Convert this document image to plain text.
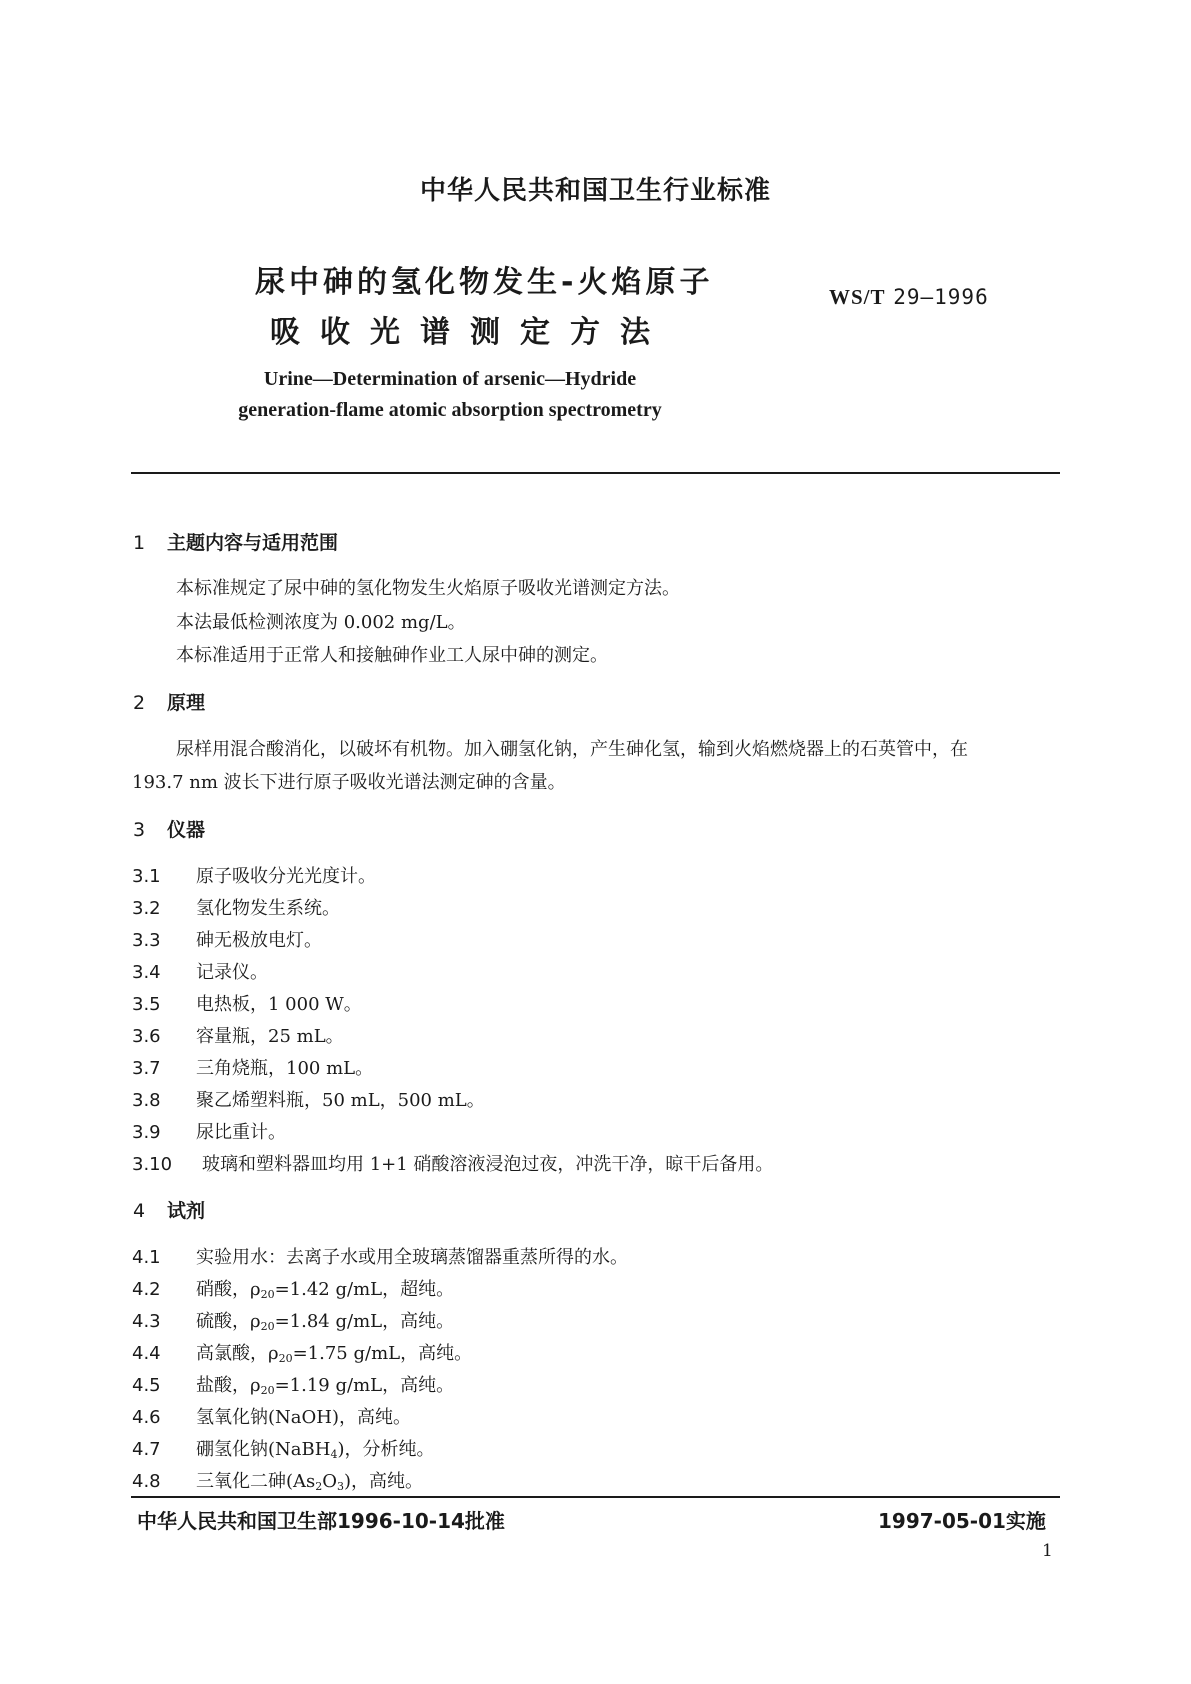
中华人民共和国卫生行业标准
尿中砷的氢化物发生-火焰原子
吸收光谱测定方法
WS/T 29—1996
Urine—Determination of arsenic—Hydride
generation-flame atomic absorption spectrometry
1 主题内容与适用范围
本标准规定了尿中砷的氢化物发生火焰原子吸收光谱测定方法。
本法最低检测浓度为 0.002 mg/L。
本标准适用于正常人和接触砷作业工人尿中砷的测定。
2 原理
尿样用混合酸消化，以破坏有机物。加入硼氢化钠，产生砷化氢，输到火焰燃烧器上的石英管中，在
193.7 nm 波长下进行原子吸收光谱法测定砷的含量。
3 仪器
3.1 原子吸收分光光度计。
3.2 氢化物发生系统。
3.3 砷无极放电灯。
3.4 记录仪。
3.5 电热板，1 000 W。
3.6 容量瓶，25 mL。
3.7 三角烧瓶，100 mL。
3.8 聚乙烯塑料瓶，50 mL，500 mL。
3.9 尿比重计。
3.10 玻璃和塑料器皿均用 1+1 硝酸溶液浸泡过夜，冲洗干净，晾干后备用。
4 试剂
4.1 实验用水：去离子水或用全玻璃蒸馏器重蒸所得的水。
4.2 硝酸，$\rho_{20}=1.42$ g/mL，超纯。
4.3 硫酸，$\rho_{20}=1.84$ g/mL，高纯。
4.4 高氯酸，$\rho_{20}=1.75$ g/mL，高纯。
4.5 盐酸，$\rho_{20}=1.19$ g/mL，高纯。
4.6 氢氧化钠(NaOH)，高纯。
4.7 硼氢化钠(NaBH$_4$)，分析纯。
4.8 三氧化二砷$(As_2O_3)$，高纯。
中华人民共和国卫生部1996-10-14批准	1997-05-01实施
1
